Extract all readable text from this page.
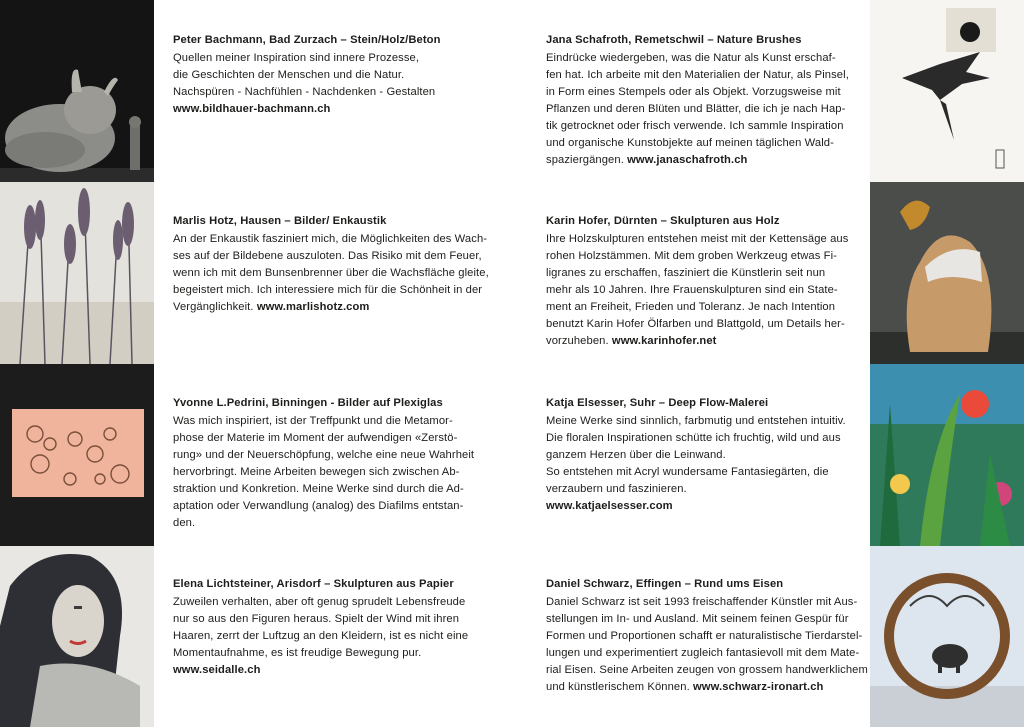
Peter Bachmann, Bad Zurzach – Stein/Holz/Beton
Quellen meiner Inspiration sind innere Prozesse,
die Geschichten der Menschen und die Natur.
Nachspüren - Nachfühlen - Nachdenken - Gestalten
www.bildhauer-bachmann.ch
Jana Schafroth, Remetschwil – Nature Brushes
Eindrücke wiedergeben, was die Natur als Kunst erschaf-
fen hat. Ich arbeite mit den Materialien der Natur, als Pinsel,
in Form eines Stempels oder als Objekt. Vorzugsweise mit
Pflanzen und deren Blüten und Blätter, die ich je nach Hap-
tik getrocknet oder frisch verwende. Ich sammle Inspiration
und organische Kunstobjekte auf meinen täglichen Wald-
spaziergängen. www.janaschafroth.ch
Marlis Hotz, Hausen – Bilder/ Enkaustik
An der Enkaustik fasziniert mich, die Möglichkeiten des Wach-
ses auf der Bildebene auszuloten. Das Risiko mit dem Feuer,
wenn ich mit dem Bunsenbrenner über die Wachsfläche gleite,
begeistert mich. Ich interessiere mich für die Schönheit in der
Vergänglichkeit. www.marlishotz.com
Karin Hofer, Dürnten – Skulpturen aus Holz
Ihre Holzskulpturen entstehen meist mit der Kettensäge aus
rohen Holzstämmen. Mit dem groben Werkzeug etwas Fi-
ligranes zu erschaffen, fasziniert die Künstlerin seit nun
mehr als 10 Jahren. Ihre Frauenskulpturen sind ein State-
ment an Freiheit, Frieden und Toleranz. Je nach Intention
benutzt Karin Hofer Ölfarben und Blattgold, um Details her-
vorzuheben. www.karinhofer.net
Yvonne L.Pedrini, Binningen - Bilder auf Plexiglas
Was mich inspiriert, ist der Treffpunkt und die Metamor-
phose der Materie im Moment der aufwendigen «Zerstö-
rung» und der Neuerschöpfung, welche eine neue Wahrheit
hervorbringt. Meine Arbeiten bewegen sich zwischen Ab-
straktion und Konkretion. Meine Werke sind durch die Ad-
aptation oder Verwandlung (analog) des Diafilms entstan-
den.
Katja Elsesser, Suhr – Deep Flow-Malerei
Meine Werke sind sinnlich, farbmutig und entstehen intuitiv.
Die floralen Inspirationen schütte ich fruchtig, wild und aus
ganzem Herzen über die Leinwand.
So entstehen mit Acryl wundersame Fantasiegärten, die
verzaubern und faszinieren.
www.katjaelsesser.com
Elena Lichtsteiner, Arisdorf – Skulpturen aus Papier
Zuweilen verhalten, aber oft genug sprudelt Lebensfreude
nur so aus den Figuren heraus. Spielt der Wind mit ihren
Haaren, zerrt der Luftzug an den Kleidern, ist es nicht eine
Momentaufnahme, es ist freudige Bewegung pur.
www.seidalle.ch
Daniel Schwarz, Effingen – Rund ums Eisen
Daniel Schwarz ist seit 1993 freischaffender Künstler mit Aus-
stellungen im In- und Ausland. Mit seinem feinen Gespür für
Formen und Proportionen schafft er naturalistische Tierdarstel-
lungen und experimentiert zugleich fantasievoll mit dem Mate-
rial Eisen. Seine Arbeiten zeugen von grossem handwerklichem
und künstlerischem Können. www.schwarz-ironart.ch
